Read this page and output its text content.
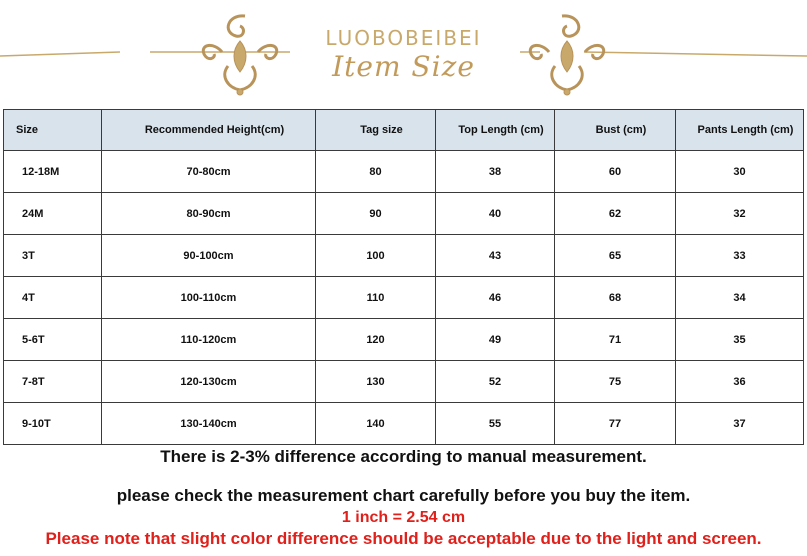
LUOBOBEIBEI
Item Size
Size	Recommended Height(cm)	Tag size	Top Length (cm)	Bust (cm)	Pants Length (cm)
12-18M	70-80cm	80	38	60	30
24M	80-90cm	90	40	62	32
3T	90-100cm	100	43	65	33
4T	100-110cm	110	46	68	34
5-6T	110-120cm	120	49	71	35
7-8T	120-130cm	130	52	75	36
9-10T	130-140cm	140	55	77	37
There is 2-3% difference according to manual measurement.
please check the measurement chart carefully before you buy the item.
1 inch = 2.54 cm
Please note that slight color difference should be acceptable due to the light and screen.
